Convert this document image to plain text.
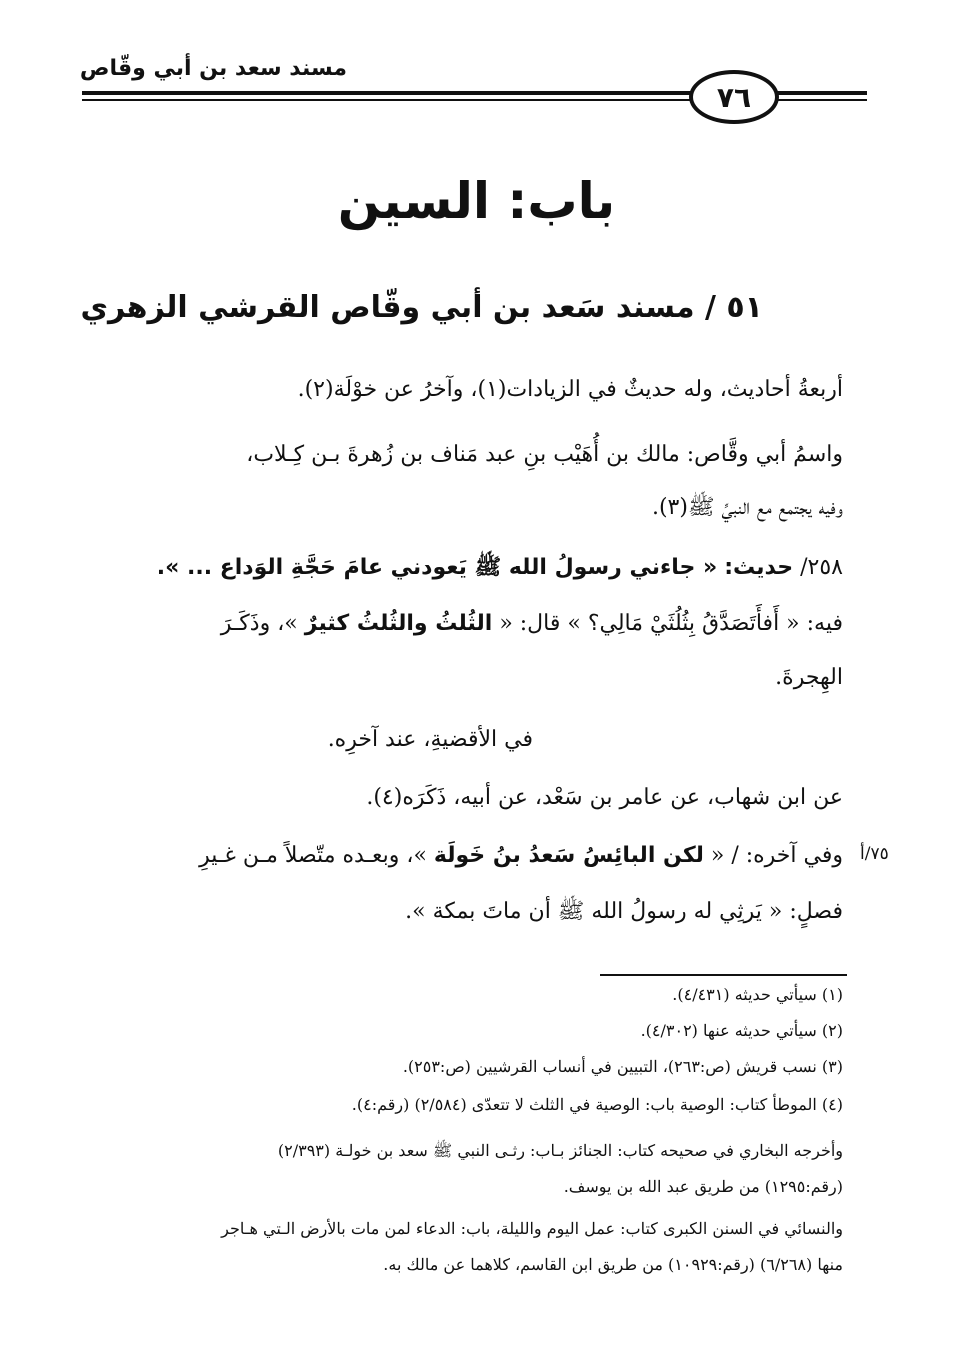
مسند سعد بن أبي وقّاص
٧٦
باب: السين
٥١ / مسند سَعد بن أبي وقّاص القرشي الزهري
أربعةُ أحاديث، وله حديثٌ في الزيادات(١)، وآخرُ عن خوْلَة(٢).
واسمُ أبي وقَّاص: مالك بن أُهَيْب بنِ عبد مَناف بن زُهرةَ بـن كِـلاب،
وفيه يجتمع مع النبيِّ ﷺ(٣).
٢٥٨/ حديث: « جاءني رسولُ الله ﷺ يَعودني عامَ حَجَّةِ الوَداع ... ».
فيه: « أَفأَتَصَدَّقُ بِثُلُثَيْ مَالِي؟ » قال: « الثُلثُ والثُلثُ كثيرٌ »، وذَكَـرَ
الهِجرةَ.
في الأقضيةِ، عند آخرِه.
عن ابن شهاب، عن عامر بن سَعْد، عن أبيه، ذَكَرَه(٤).
٧٥/أ
وفي آخره: / « لكن البائِسُ سَعدُ بنُ خَولَة »، وبعـده متّصلاً مـن غـيرِ
فصلٍ: « يَرثِي له رسولُ الله ﷺ أن ماتَ بمكة ».
(١) سيأتي حديثه (٤/٤٣١).
(٢) سيأتي حديثه عنها (٤/٣٠٢).
(٣) نسب قريش (ص:٢٦٣)، التبيين في أنساب القرشيين (ص:٢٥٣).
(٤) الموطأ كتاب: الوصية باب: الوصية في الثلث لا تتعدّى (٢/٥٨٤) (رقم:٤).
وأخرجه البخاري في صحيحه كتاب: الجنائز بـاب: رثـى النبي ﷺ سعد بن خولـة (٢/٣٩٣)
(رقم:١٢٩٥) من طريق عبد الله بن يوسف.
والنسائي في السنن الكبرى كتاب: عمل اليوم والليلة، باب: الدعاء لمن مات بالأرض الـتي هـاجر
منها (٦/٢٦٨) (رقم:١٠٩٢٩) من طريق ابن القاسم، كلاهما عن مالك به.
